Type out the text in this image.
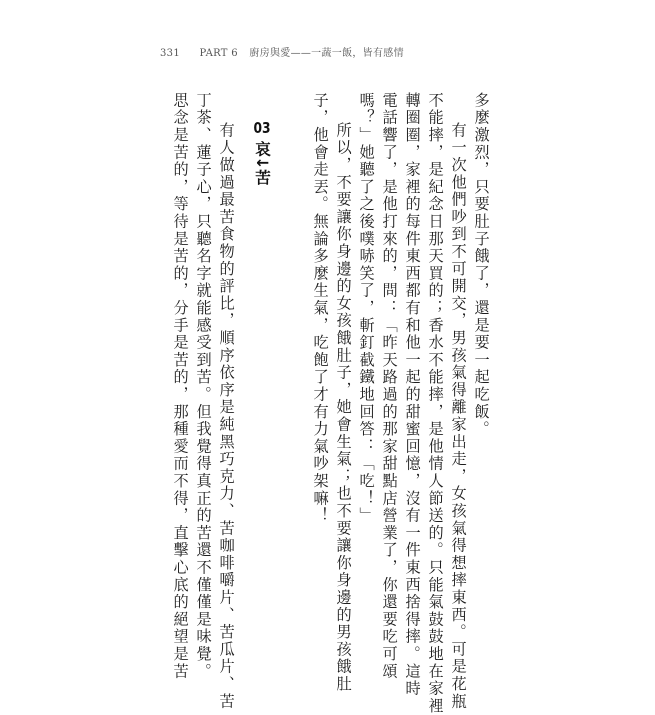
331 PART 6 廚房與愛——一蔬一飯，皆有感情
多麼激烈，只要肚子餓了，還是要一起吃飯。
有一次他們吵到不可開交，男孩氣得離家出走，女孩氣得想摔東西。可是花瓶
不能摔，是紀念日那天買的；香水不能摔，是他情人節送的。只能氣鼓鼓地在家裡
轉圈圈，家裡的每件東西都有和他一起的甜蜜回憶，沒有一件東西捨得摔。這時
電話響了，是他打來的，問：「昨天路過的那家甜點店營業了，你還要吃可頌
嗎？」她聽了之後噗哧笑了，斬釘截鐵地回答：「吃！」
所以，不要讓你身邊的女孩餓肚子，她會生氣；也不要讓你身邊的男孩餓肚
子，他會走丟。無論多麼生氣，吃飽了才有力氣吵架嘛！
03 哀↓苦
有人做過最苦食物的評比，順序依序是純黑巧克力、苦咖啡嚼片、苦瓜片、苦
丁茶、蓮子心，只聽名字就能感受到苦。但我覺得真正的苦還不僅僅是味覺。
思念是苦的，等待是苦的，分手是苦的，那種愛而不得，直擊心底的絕望是苦
